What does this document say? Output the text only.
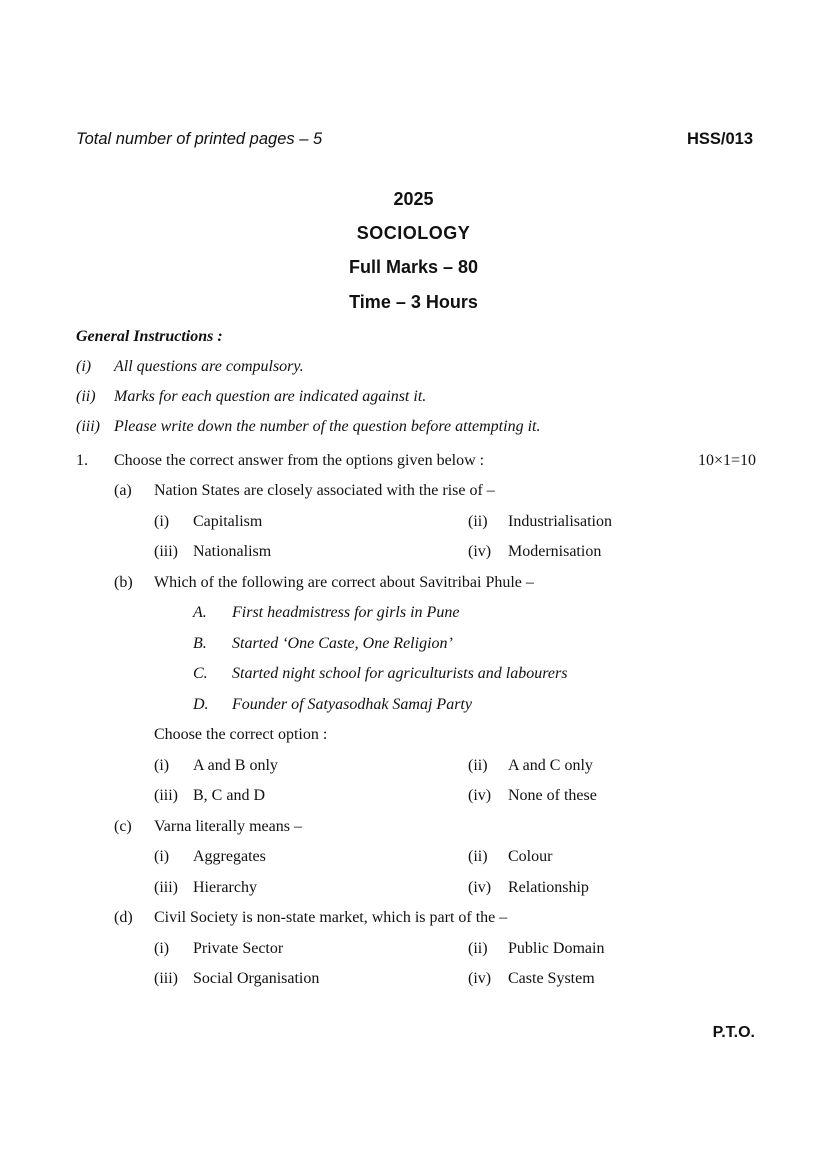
Total number of printed pages – 5	HSS/013
2025
SOCIOLOGY
Full Marks – 80
Time – 3 Hours
General Instructions :
(i) All questions are compulsory.
(ii) Marks for each question are indicated against it.
(iii) Please write down the number of the question before attempting it.
1. Choose the correct answer from the options given below :	10×1=10
(a) Nation States are closely associated with the rise of –
(i) Capitalism	(ii) Industrialisation
(iii) Nationalism	(iv) Modernisation
(b) Which of the following are correct about Savitribai Phule –
A. First headmistress for girls in Pune
B. Started ‘One Caste, One Religion’
C. Started night school for agriculturists and labourers
D. Founder of Satyasodhak Samaj Party
Choose the correct option :
(i) A and B only	(ii) A and C only
(iii) B, C and D	(iv) None of these
(c) Varna literally means –
(i) Aggregates	(ii) Colour
(iii) Hierarchy	(iv) Relationship
(d) Civil Society is non-state market, which is part of the –
(i) Private Sector	(ii) Public Domain
(iii) Social Organisation	(iv) Caste System
P.T.O.
